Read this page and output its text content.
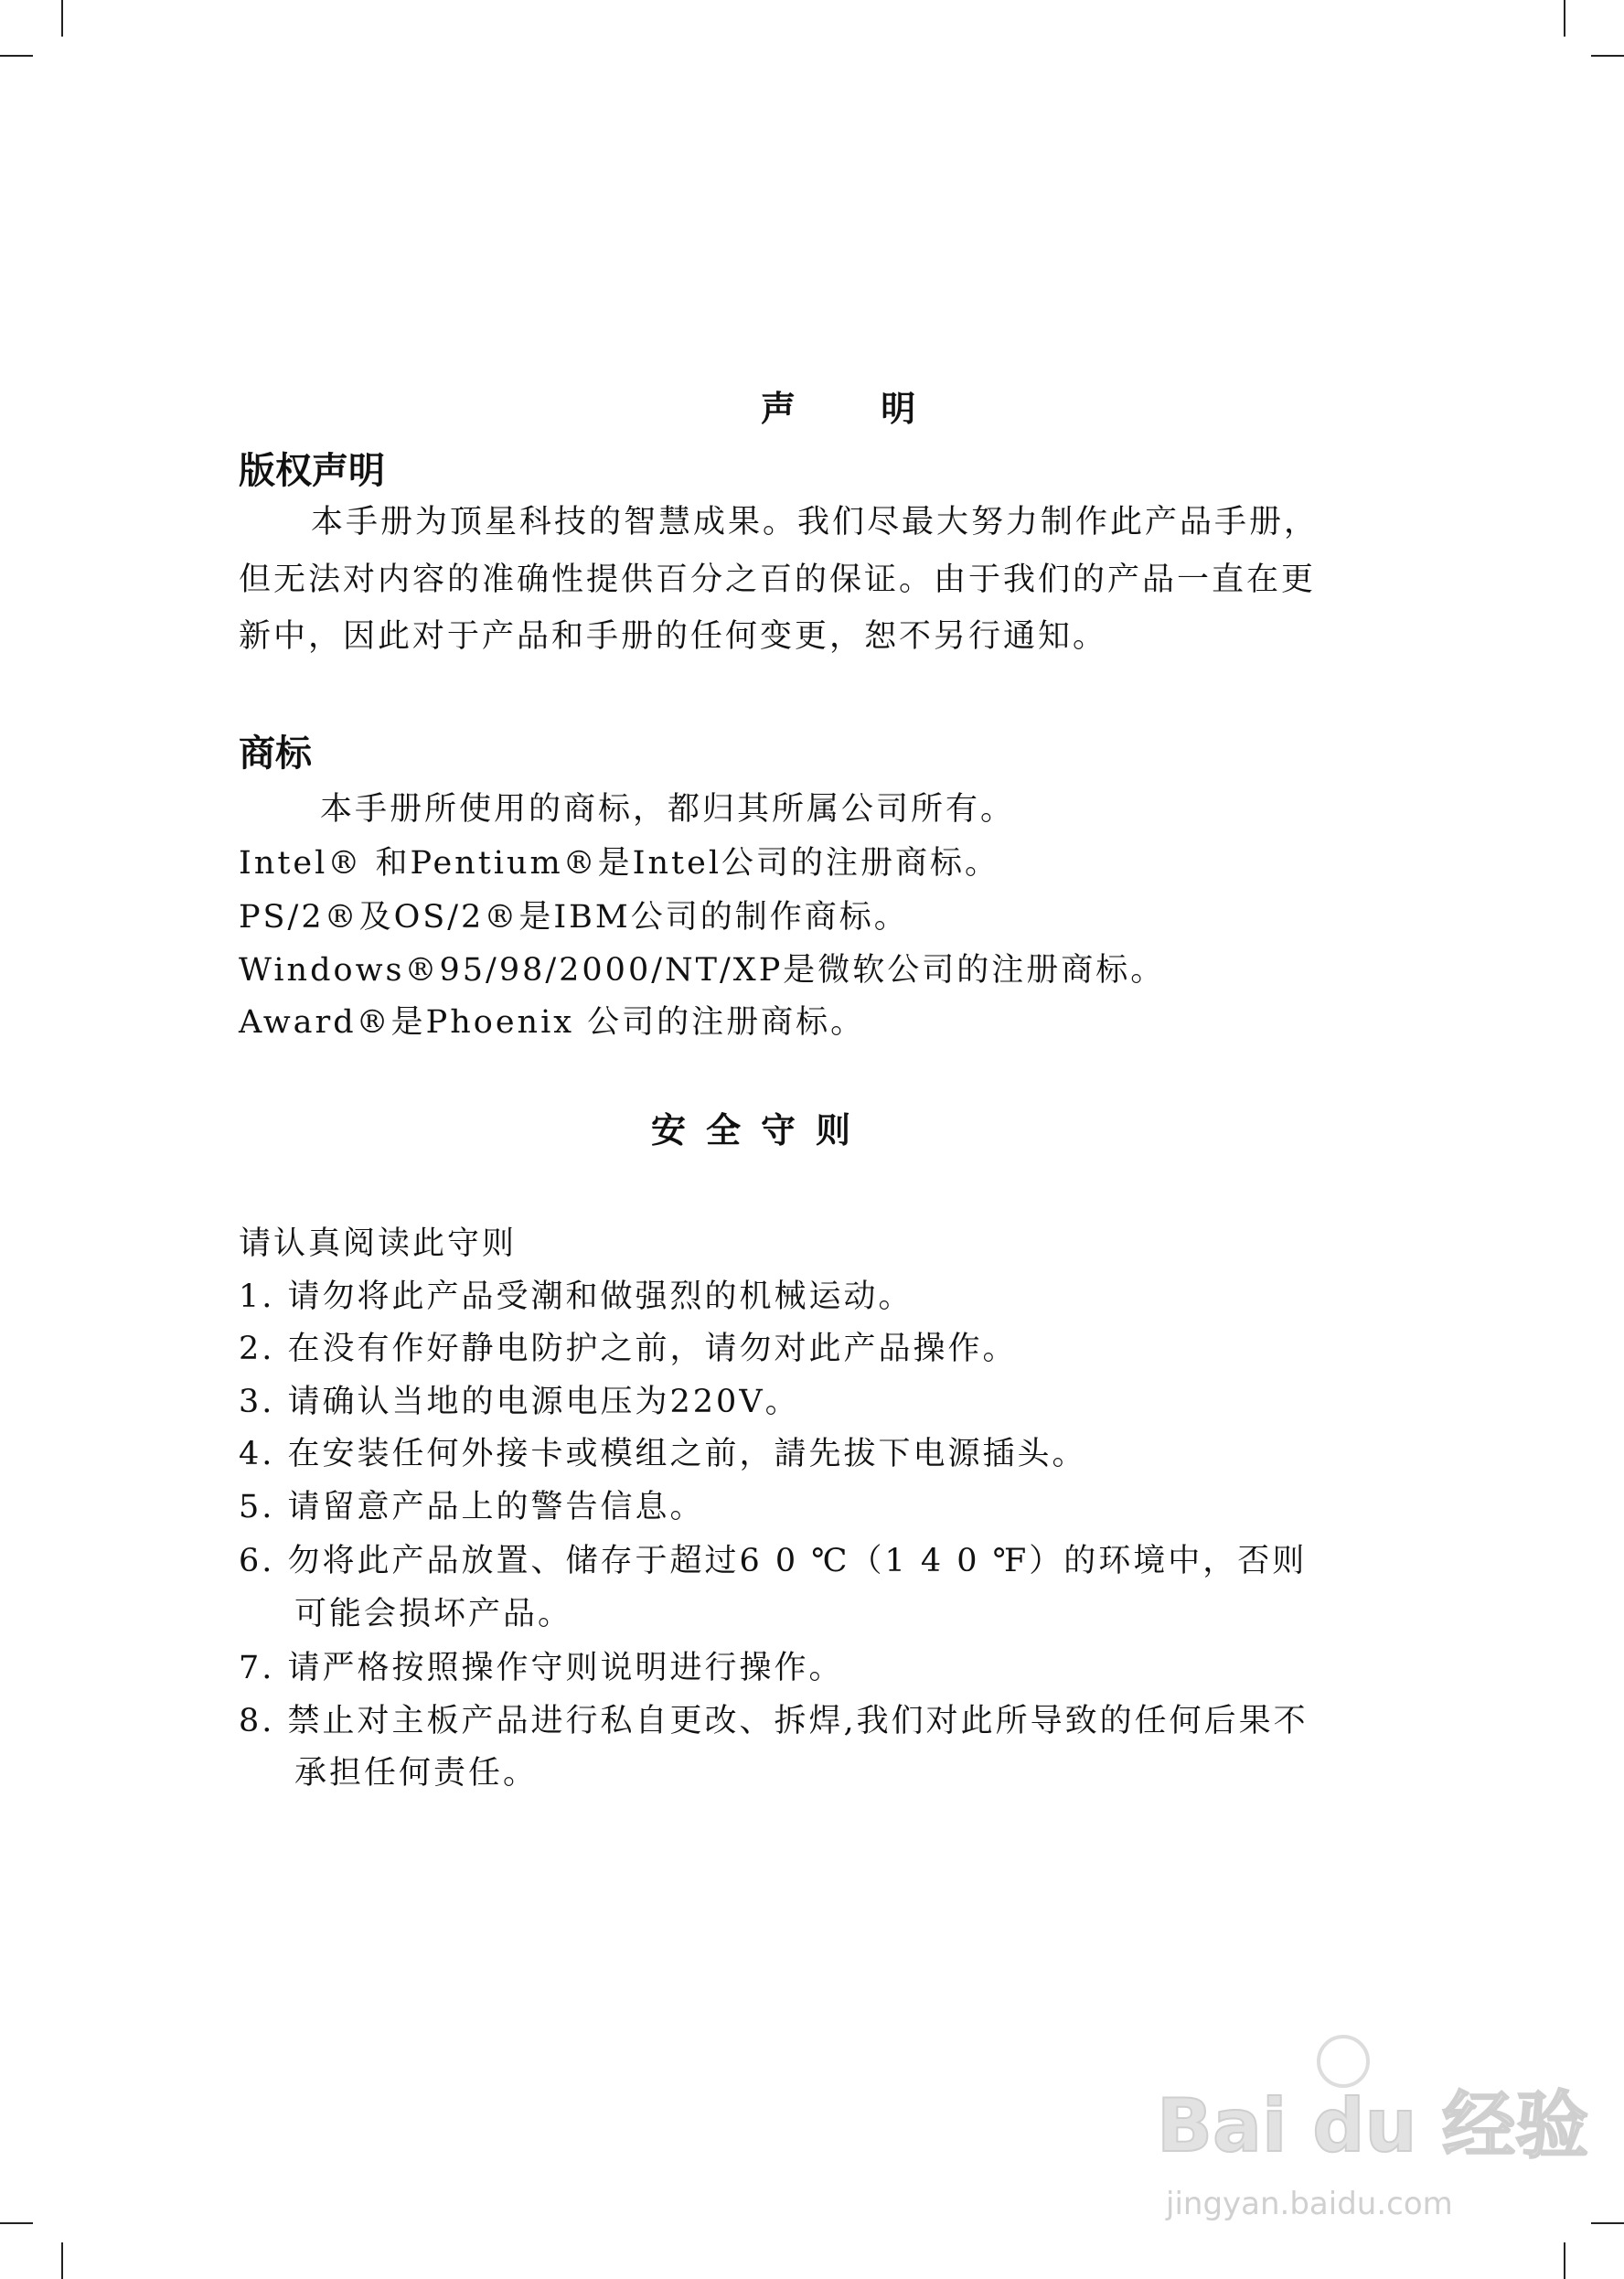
声 明
版权声明
本手册为顶星科技的智慧成果。我们尽最大努力制作此产品手册，
但无法对内容的准确性提供百分之百的保证。由于我们的产品一直在更
新中，因此对于产品和手册的任何变更，恕不另行通知。
商标
本手册所使用的商标，都归其所属公司所有。
Intel® 和Pentium®是Intel公司的注册商标。
PS/2®及OS/2®是IBM公司的制作商标。
Windows®95/98/2000/NT/XP是微软公司的注册商标。
Award®是Phoenix 公司的注册商标。
安全守则
请认真阅读此守则
1. 请勿将此产品受潮和做强烈的机械运动。
2. 在没有作好静电防护之前，请勿对此产品操作。
3. 请确认当地的电源电压为220V。
4. 在安装任何外接卡或模组之前，請先拔下电源插头。
5. 请留意产品上的警告信息。
6. 勿将此产品放置、储存于超过6 0 ℃（1 4 0 ℉）的环境中，否则
可能会损坏产品。
7. 请严格按照操作守则说明进行操作。
8. 禁止对主板产品进行私自更改、拆焊,我们对此所导致的任何后果不
承担任何责任。
Bai du 经验
jingyan.baidu.com
